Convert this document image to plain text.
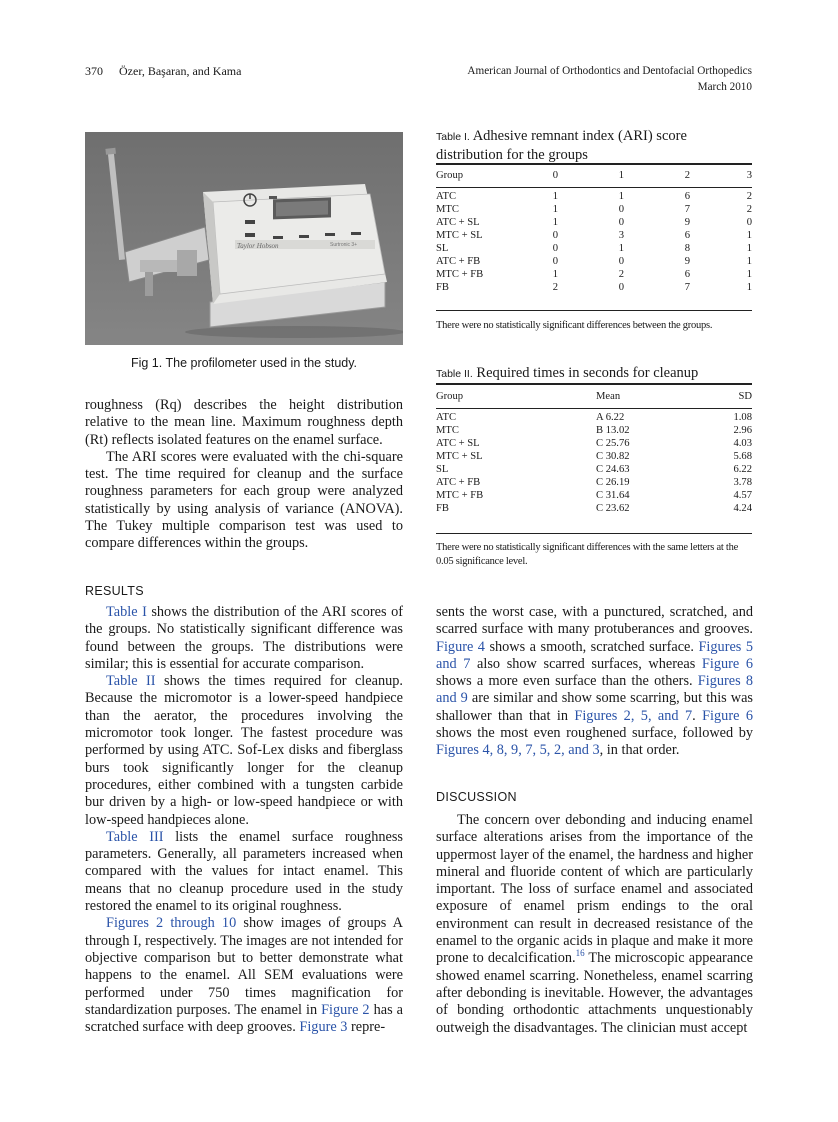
370 Özer, Başaran, and Kama	American Journal of Orthodontics and Dentofacial Orthopedics
March 2010
Taylor Hobson	Surtronic 3+
Fig 1. The profilometer used in the study.
Table I. Adhesive remnant index (ARI) score distribution for the groups
Group	0	1	2	3
ATC	1	1	6	2
MTC	1	0	7	2
ATC + SL	1	0	9	0
MTC + SL	0	3	6	1
SL	0	1	8	1
ATC + FB	0	0	9	1
MTC + FB	1	2	6	1
FB	2	0	7	1
There were no statistically significant differences between the groups.
Table II. Required times in seconds for cleanup
Group	Mean	SD
ATC	A 6.22	1.08
MTC	B 13.02	2.96
ATC + SL	C 25.76	4.03
MTC + SL	C 30.82	5.68
SL	C 24.63	6.22
ATC + FB	C 26.19	3.78
MTC + FB	C 31.64	4.57
FB	C 23.62	4.24
There were no statistically significant differences with the same letters at the 0.05 significance level.

roughness (Rq) describes the height distribution relative to the mean line. Maximum roughness depth (Rt) reflects isolated features on the enamel surface.

The ARI scores were evaluated with the chi-square test. The time required for cleanup and the surface roughness parameters for each group were analyzed statistically by using analysis of variance (ANOVA). The Tukey multiple comparison test was used to compare differences within the groups.

RESULTS

Table I shows the distribution of the ARI scores of the groups. No statistically significant difference was found between the groups. The distributions were similar; this is essential for accurate comparison.

Table II shows the times required for cleanup. Because the micromotor is a lower-speed handpiece than the aerator, the procedures involving the micromotor took longer. The fastest procedure was performed by using ATC. Sof-Lex disks and fiberglass burs took significantly longer for the cleanup procedures, either combined with a tungsten carbide bur driven by a high- or low-speed handpiece or with low-speed handpieces alone.

Table III lists the enamel surface roughness parameters. Generally, all parameters increased when compared with the values for intact enamel. This means that no cleanup procedure used in the study restored the enamel to its original roughness.

Figures 2 through 10 show images of groups A through I, respectively. The images are not intended for objective comparison but to better demonstrate what happens to the enamel. All SEM evaluations were performed under 750 times magnification for standardization purposes. The enamel in Figure 2 has a scratched surface with deep grooves. Figure 3 repre-

sents the worst case, with a punctured, scratched, and scarred surface with many protuberances and grooves. Figure 4 shows a smooth, scratched surface. Figures 5 and 7 also show scarred surfaces, whereas Figure 6 shows a more even surface than the others. Figures 8 and 9 are similar and show some scarring, but this was shallower than that in Figures 2, 5, and 7. Figure 6 shows the most even roughened surface, followed by Figures 4, 8, 9, 7, 5, 2, and 3, in that order.

DISCUSSION

The concern over debonding and inducing enamel surface alterations arises from the importance of the uppermost layer of the enamel, the hardness and higher mineral and fluoride content of which are particularly important. The loss of surface enamel and associated exposure of enamel prism endings to the oral environment can result in decreased resistance of the enamel to the organic acids in plaque and make it more prone to decalcification.$^{16}$ The microscopic appearance showed enamel scarring. Nonetheless, enamel scarring after debonding is inevitable. However, the advantages of bonding orthodontic attachments unquestionably outweigh the disadvantages. The clinician must accept
